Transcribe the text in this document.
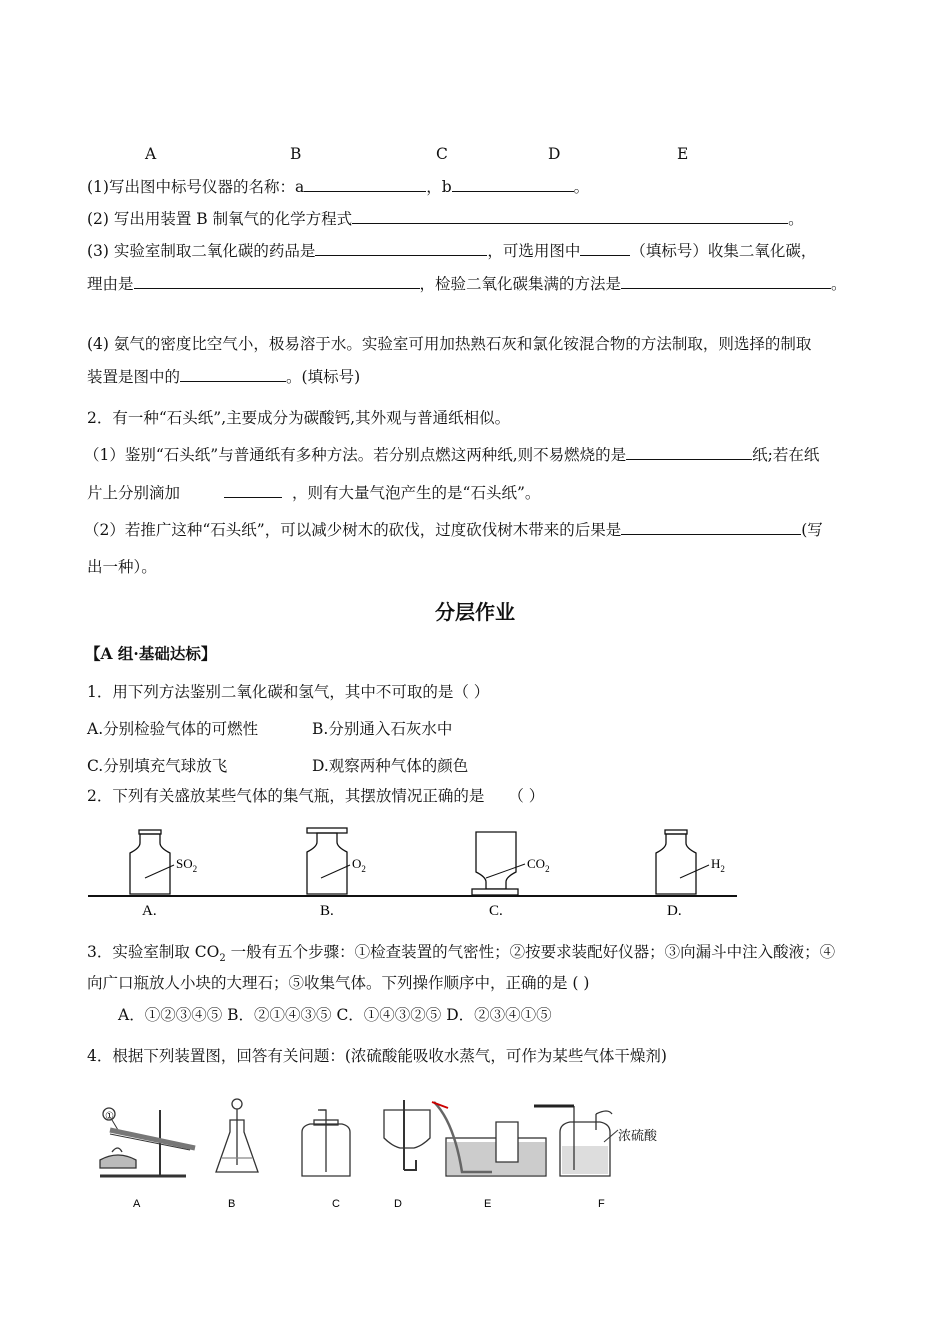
A	B	C	D	E
(1)写出图中标号仪器的名称：a	，b	。
(2) 写出用装置 B 制氧气的化学方程式	。
(3) 实验室制取二氧化碳的药品是	，可选用图中	（填标号）收集二氧化碳，
理由是	，检验二氧化碳集满的方法是	。
(4) 氨气的密度比空气小，极易溶于水。实验室可用加热熟石灰和氯化铵混合物的方法制取，则选择的制取
装置是图中的	。(填标号)
2．有一种“石头纸”,主要成分为碳酸钙,其外观与普通纸相似。
（1）鉴别“石头纸”与普通纸有多种方法。若分别点燃这两种纸,则不易燃烧的是	纸;若在纸
片上分别滴加	，则有大量气泡产生的是“石头纸”。
（2）若推广这种“石头纸”，可以减少树木的砍伐，过度砍伐树木带来的后果是	(写
出一种）。
分层作业
【A 组·基础达标】
1．用下列方法鉴别二氧化碳和氢气，其中不可取的是（ ）
A.分别检验气体的可燃性	B.分别通入石灰水中
C.分别填充气球放飞	D.观察两种气体的颜色
2．下列有关盛放某些气体的集气瓶，其摆放情况正确的是 （ ）
$SO_2$
A.
$O_2$
B.
$CO_2$
C.
$H_2$
D.
3．实验室制取 $CO_2$ 一般有五个步骤：①检查装置的气密性；②按要求装配好仪器；③向漏斗中注入酸液；④
向广口瓶放人小块的大理石；⑤收集气体。下列操作顺序中，正确的是 ( )
A．①②③④⑤ B．②①④③⑤ C．①④③②⑤ D．②③④①⑤
4．根据下列装置图，回答有关问题：(浓硫酸能吸收水蒸气，可作为某些气体干燥剂)
①
浓硫酸
A	B	C	D	E	F
